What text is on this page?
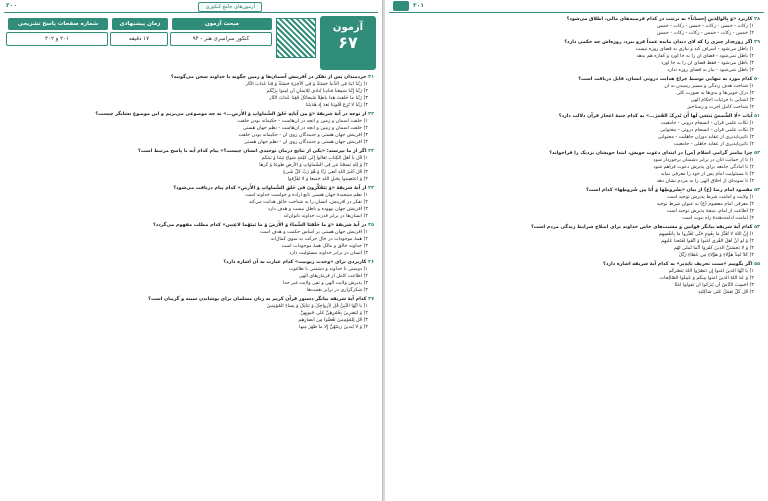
۲۰۰	آزمون‌های جامع کنکوری
آزمون
۶۷
مبحث آزمون
کنکور سراسری هنر - ۹۴
زمان پیشنهادی
۱۷ دقیقه
شماره صفحات پاسخ تشریحی
۲۰۱ و ۲۰۲
۴۱ خردمندان پس از تفکر در آفرینش آسمان‌ها و زمین چگونه با خداوند سخن می‌گویند؟
۱) رَبَّنا آتِنا فِی الدُّنیا حَسَنَةً وَ فِی الآخِرَةِ حَسَنَةً وَ قِنا عَذابَ النّار
۲) رَبَّنا إِنَّنا سَمِعنا مُنادِیاً یُنادی لِلایمانِ أَن آمِنوا بِرَبِّکُم
۳) رَبَّنا ما خَلَقتَ هذا باطِلاً سُبحانَکَ فَقِنا عَذابَ النّار
۴) رَبَّنا لا تُزِغ قُلوبَنا بَعدَ إِذ هَدَیتَنا
۴۲ از توجه در آیهٔ شریفهٔ «وَ مِن آیاتِهِ خَلقُ السَّماواتِ وَ الأَرضِ...» به چه موضوعی می‌بریم و این موضوع نشانگر چیست؟
۱) خلقت آسمان و زمین و آنچه در آن‌هاست - حکیمانه بودن خلقت
۲) خلقت آسمان و زمین و آنچه در آن‌هاست - نظم جهان هستی
۳) آفرینش جهان هستی و جنبندگان روی آن - حکیمانه بودن خلقت
۴) آفرینش جهان هستی و جنبندگان روی آن - نظم جهان هستی
۴۳ اگر از ما بپرسند: «یکی از نتایج درمان توحیدی انسان چیست؟» پیام کدام آیه با پاسخ مرتبط است؟
۱) قُل یا أَهلَ الکِتابِ تَعالَوا إِلی کَلِمَةٍ سَواءٍ بَینَنا وَ بَینَکُم
۲) وَ لِلّهِ یَسجُدُ مَن فِی السَّماواتِ وَ الأَرضِ طَوعاً وَ کَرهاً
۳) قُل أَغَیرَ اللّهِ أَبغی رَبّاً وَ هُوَ رَبُّ کُلِّ شَیءٍ
۴) وَ اعتَصِموا بِحَبلِ اللّهِ جَمیعاً وَ لا تَفَرَّقوا
۴۴ از آیهٔ شریفهٔ «وَ یَتَفَکَّرونَ فی خَلقِ السَّماواتِ وَ الأَرضِ» کدام پیام دریافت می‌شود؟
۱) نظم سنجیدهٔ جهان هستی تابع اراده و خواست خداوند است
۲) تفکر در آفرینش، انسان را به شناخت خالق هدایت می‌کند
۳) آفرینش جهان بیهوده و باطل نیست و هدف دارد
۴) انسان‌ها در برابر قدرت خداوند ناتوان‌اند
۴۵ در آیهٔ شریفهٔ «وَ ما خَلَقنَا السَّماءَ وَ الأَرضَ وَ ما بَینَهُما لاعِبین» کدام مطلب مفهوم می‌گردد؟
۱) آفرینش جهان هستی بر اساس حکمت و هدف است
۲) همهٔ موجودات در حال حرکت به سوی کمال‌اند
۳) خداوند خالق و مالک همهٔ موجودات است
۴) انسان در برابر خداوند مسئولیت دارد
۴۶ کاربردی برای «وحدت ربوبیت» کدام عبارت به آن اشاره دارد؟
۱) دوستی با خداوند و دشمنی با طاغوت
۲) اطاعت کامل از فرمان‌های الهی
۳) پذیرش ولایت الهی و نفی ولایت غیر خدا
۴) شکرگزاری در برابر نعمت‌ها
۴۷ کدام آیهٔ شریفه بیانگر دستور قرآن کریم به زنان مسلمان برای پوشاندن سینه و گریبان است؟
۱) یا أَیُّهَا النَّبِیُّ قُل لِأَزواجِکَ وَ بَناتِکَ وَ نِساءِ المُؤمِنینَ
۲) وَ لیَضرِبنَ بِخُمُرِهِنَّ عَلی جُیوبِهِنَّ
۳) قُل لِلمُؤمِنینَ یَغُضّوا مِن أَبصارِهِم
۴) وَ لا یُبدینَ زینَتَهُنَّ إِلّا ما ظَهَرَ مِنها
۲۰۱
۴۸ کاربرد «وَ بِالوالِدَینِ إِحساناً» به ترتیب در کدام فرضیه‌های مالی، اطلاق می‌شود؟
۱) زکات - خمس - زکات - خمس - زکات - خمس
۲) خمس - زکات - خمس - زکات - زکات - خمس
۴۹ اگر روزه‌دار چیزی را که لای دندان مانده عمداً فرو ببرد، روزه‌اش چه حکمی دارد؟
۱) باطل می‌شود - اسراف کند و نیازی به قضای روزه نیست
۲) باطل نمی‌شود - قضای آن را به جا آورد و کفاره هم بدهد
۳) باطل می‌شود - فقط قضای آن را به جا آورد
۴) باطل نمی‌شود - نیاز به قضای روزه ندارد
۵۰ کدام مورد به تنهایی توسط چراغ هدایت درونی انسان، قابل دریافت است؟
۱) شناخت هدف زندگی و مسیر رسیدن به آن
۲) درک خوبی‌ها و بدی‌ها به صورت کلی
۳) آشنایی با جزئیات احکام الهی
۴) شناخت کامل آخرت و رستاخیز
۵۱ آیات «لَا الشَّمسُ یَنبَغی لَها أَن تُدرِکَ القَمَرَ...» به کدام جنبهٔ اعجاز قرآن دلالت دارد؟
۱) نکات علمی قرآن - انسجام درونی - جامعیت
۲) نکات علمی قرآن - انسجام درونی - محتوایی
۳) تأثیرناپذیری از عقاید دوران جاهلیت - محتوایی
۴) تأثیرناپذیری از عقاید جاهلی - جامعیت
۵۲ چرا پیامبر گرامی اسلام (ص) در ابتدای دعوت خویش، ابتدا خویشان نزدیک را فراخواند؟
۱) تا از حمایت آنان در برابر دشمنان برخوردار شود
۲) تا آمادگی جامعه برای پذیرش دعوت فراهم شود
۳) تا مسئولیت امام پس از خود را معرفی نماید
۴) تا نمونه‌ای از اخلاق الهی را به مردم نشان دهد
۵۳ مقصود امام رضا (ع) از بیان «بِشُروطِها وَ أَنَا مِن شُروطِها» کدام است؟
۱) ولایت و امامت شرط پذیرش توحید است
۲) معرفی امام معصوم (ع) به عنوان شرط توحید
۳) اطاعت از امام، نتیجهٔ پذیرش توحید است
۴) امامت ادامه‌دهندهٔ راه نبوت است
۵۴ کدام آیهٔ شریفه بیانگر قوانین و مشیت‌های خاص خداوند برای اصلاح شرایط زندگی مردم است؟
۱) إِنَّ اللّهَ لا یُغَیِّرُ ما بِقَومٍ حَتّی یُغَیِّروا ما بِأَنفُسِهِم
۲) وَ لَو أَنَّ أَهلَ القُری آمَنوا وَ اتَّقَوا لَفَتَحنا عَلَیهِم
۳) وَ لا یَحسَبَنَّ الَّذینَ کَفَروا أَنَّما نُملی لَهُم
۴) کُلّاً نُمِدُّ هؤُلاءِ وَ هؤُلاءِ مِن عَطاءِ رَبِّکَ
۵۵ اگر بگوییم «سنت تحریف ناپذیر» به کدام آیهٔ شریفه اشاره دارد؟
۱) یا أَیُّهَا الَّذینَ آمَنوا إِن تَنصُرُوا اللّهَ یَنصُرکُم
۲) وَ عَدَ اللّهُ الَّذینَ آمَنوا مِنکُم وَ عَمِلُوا الصّالِحات
۳) أَحَسِبَ النّاسُ أَن یُترَکوا أَن یَقولوا آمَنّا
۴) قُل کُلٌّ یَعمَلُ عَلی شاکِلَتِهِ
